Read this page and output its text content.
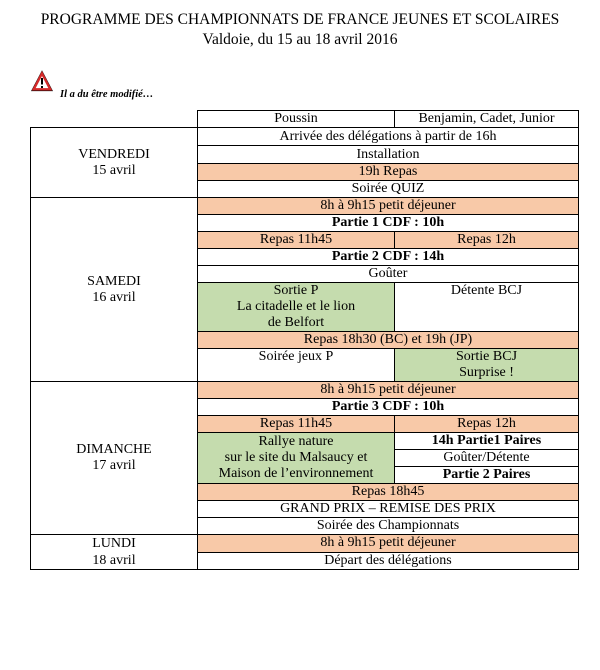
PROGRAMME DES CHAMPIONNATS DE FRANCE JEUNES ET SCOLAIRES
Valdoie, du 15 au 18 avril 2016
Il a du être modifié…
	Poussin	Benjamin, Cadet, Junior

VENDREDI
15 avril	Arrivée des délégations à partir de 16h	
	Installation	
	19h Repas	
	Soirée QUIZ	

SAMEDI
16 avril	8h à 9h15 petit déjeuner	
	Partie 1 CDF : 10h	
	Repas 11h45	Repas 12h
	Partie 2 CDF : 14h	
	Goûter	

	Sortie P
La citadelle et le lion
de Belfort	Détente BCJ

	Repas 18h30 (BC) et 19h (JP)	
	Soirée jeux P	Sortie BCJ
Surprise !

DIMANCHE
17 avril	8h à 9h15 petit déjeuner	
	Partie 3 CDF : 10h	
	Repas 11h45	Repas 12h

	Rallye nature
sur le site du Malsaucy et
Maison de l’environnement	14h Partie1 Paires

		Goûter/Détente
		Partie 2 Paires

	Repas 18h45	
	GRAND PRIX – REMISE DES PRIX	
	Soirée des Championnats	

LUNDI
18 avril	8h à 9h15 petit déjeuner	
	Départ des délégations	
